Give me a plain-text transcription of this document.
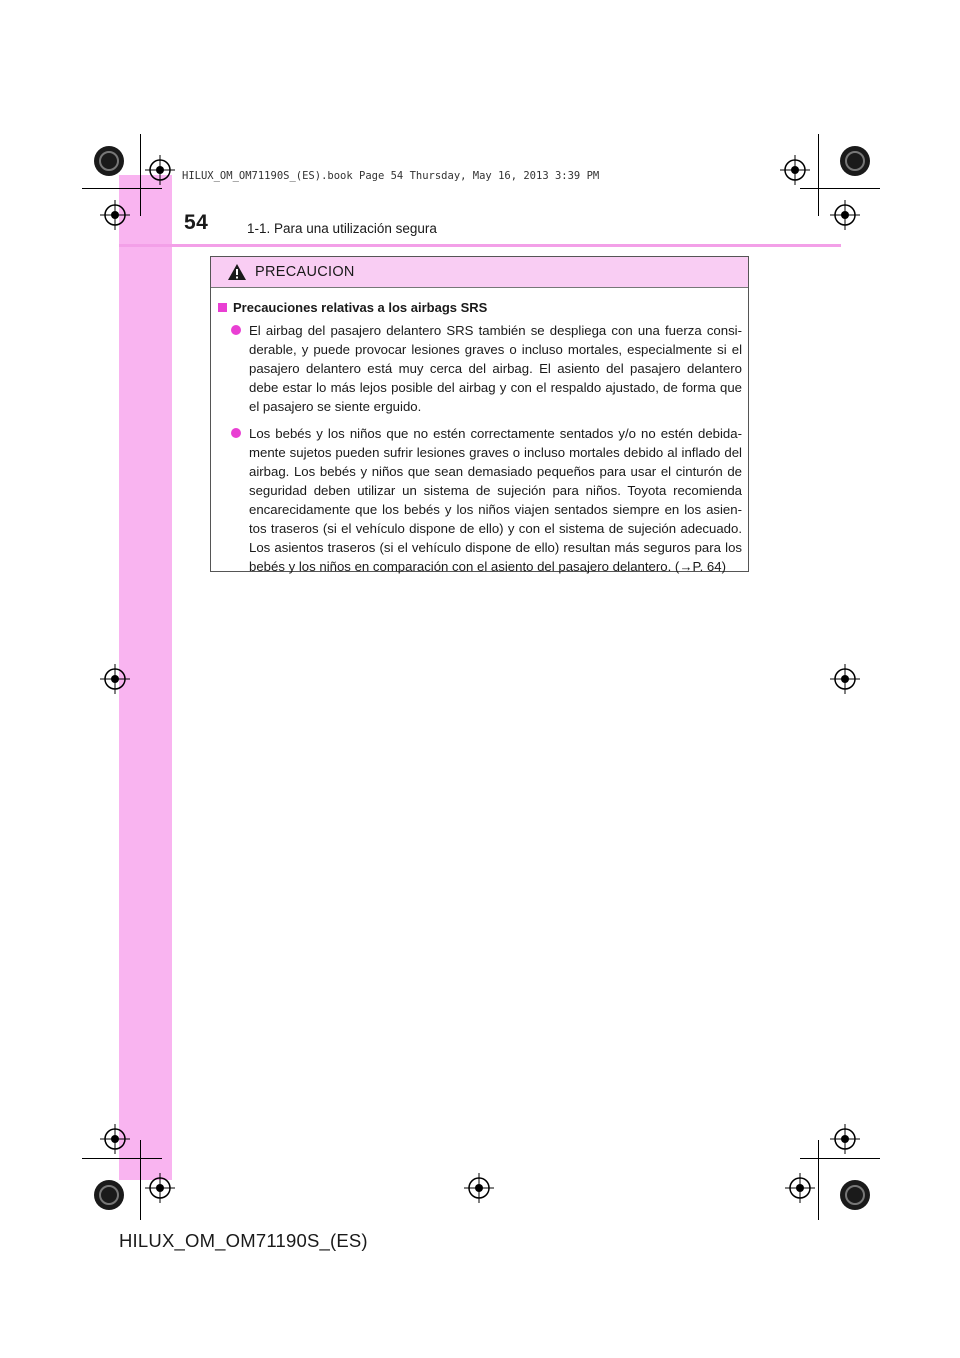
HILUX_OM_OM71190S_(ES).book Page 54 Thursday, May 16, 2013 3:39 PM
54	1-1. Para una utilización segura
PRECAUCION
Precauciones relativas a los airbags SRS
El airbag del pasajero delantero SRS también se despliega con una fuerza consi-derable, y puede provocar lesiones graves o incluso mortales, especialmente si el pasajero delantero está muy cerca del airbag. El asiento del pasajero delantero debe estar lo más lejos posible del airbag y con el respaldo ajustado, de forma que el pasajero se siente erguido.
Los bebés y los niños que no estén correctamente sentados y/o no estén debida-mente sujetos pueden sufrir lesiones graves o incluso mortales debido al inflado del airbag. Los bebés y niños que sean demasiado pequeños para usar el cinturón de seguridad deben utilizar un sistema de sujeción para niños. Toyota recomienda encarecidamente que los bebés y los niños viajen sentados siempre en los asien-tos traseros (si el vehículo dispone de ello) y con el sistema de sujeción adecuado. Los asientos traseros (si el vehículo dispone de ello) resultan más seguros para los bebés y los niños en comparación con el asiento del pasajero delantero. (→P. 64)
HILUX_OM_OM71190S_(ES)
